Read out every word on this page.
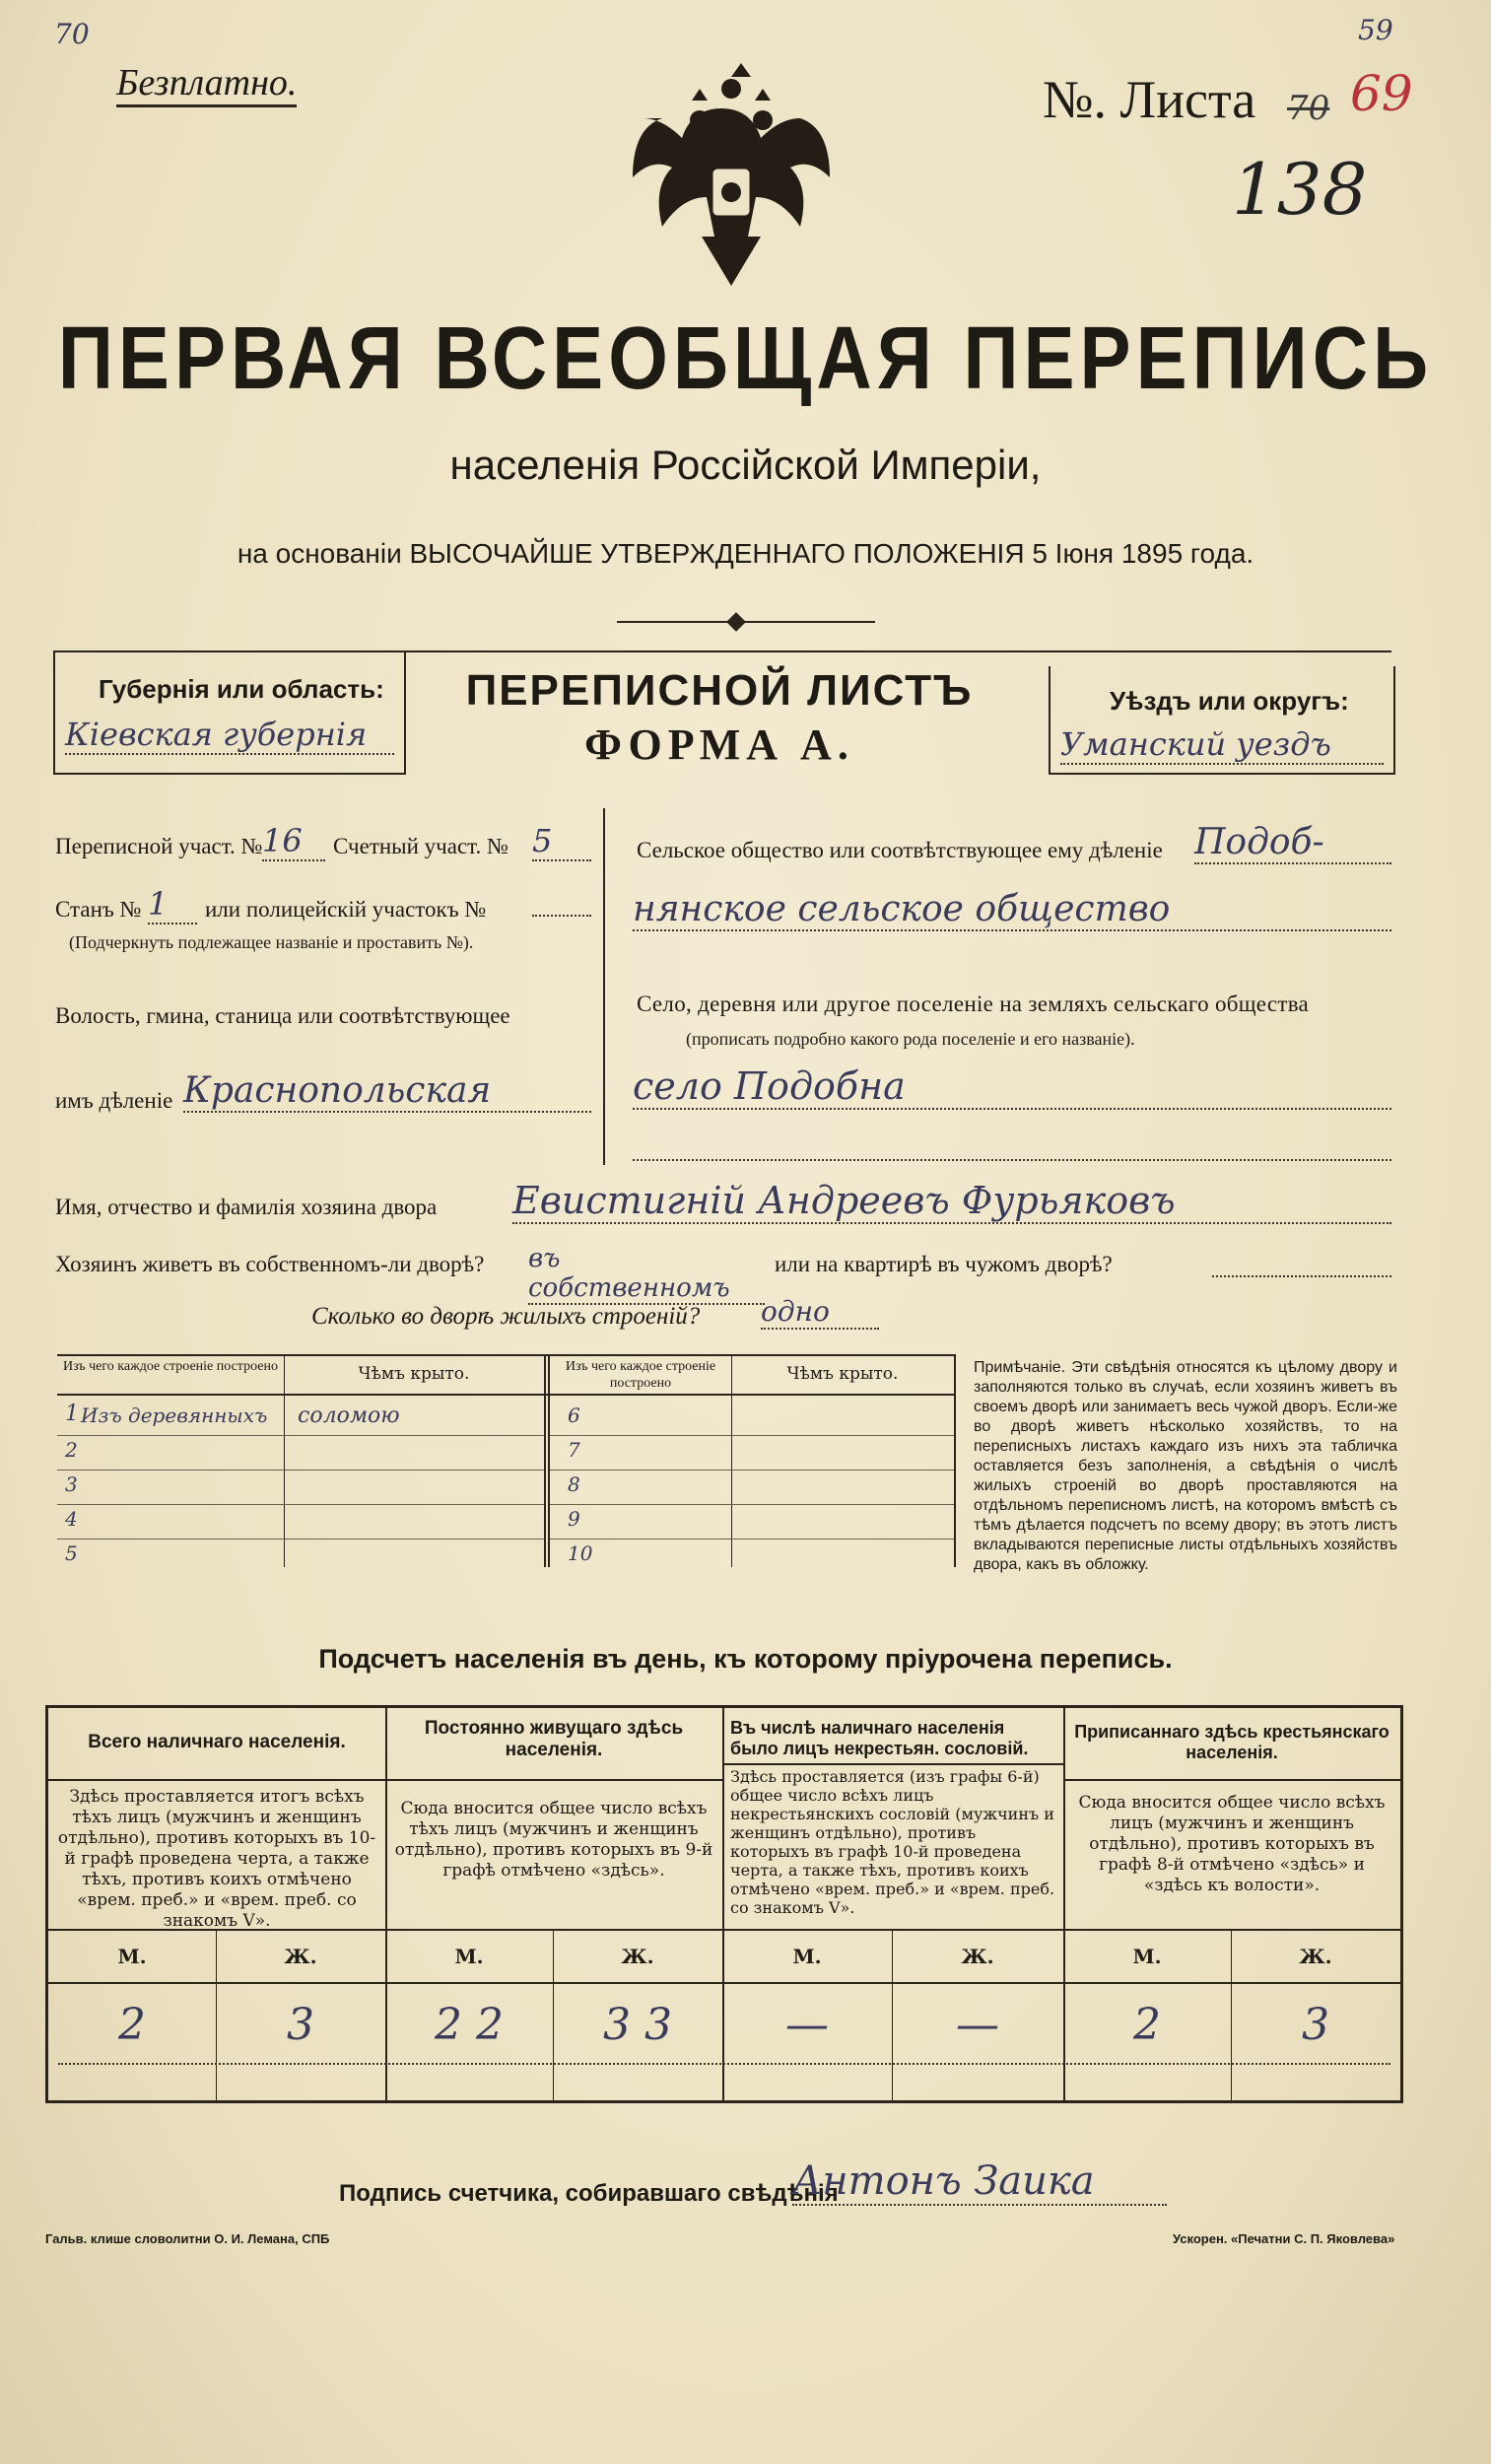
70	59
Безплатно.	№. Листа 70 69
138
ПЕРВАЯ ВСЕОБЩАЯ ПЕРЕПИСЬ
населенія Россійской Имперіи,
на основаніи ВЫСОЧАЙШЕ УТВЕРЖДЕННАГО ПОЛОЖЕНІЯ 5 Іюня 1895 года.
Губернія или область:
Кiевская губернiя
ПЕРЕПИСНОЙ ЛИСТЪ
ФОРМА А.
Уѣздъ или округъ:
Уманский уездъ
Переписной участ. № 16	Счетный участ. № 5
Станъ № 1	или полицейскій участокъ №
(Подчеркнуть подлежащее названіе и проставить №).
Волость, гмина, станица или соотвѣтствующее
имъ дѣленіе Краснопольская
Сельское общество или соотвѣтствующее ему дѣленіе Подоб-
нянское сельское общество
Село, деревня или другое поселеніе на земляхъ сельскаго общества
(прописать подробно какого рода поселеніе и его названіе).
село Подобна
Имя, отчество и фамилія хозяина двора Евистигнiй Андреевъ Фурьяковъ
Хозяинъ живетъ въ собственномъ-ли дворѣ? въ собственномъ
или на квартирѣ въ чужомъ дворѣ?
Сколько во дворѣ жилыхъ строеній? одно
Изъ чего каждое строеніе построено	Чѣмъ крыто.	Изъ чего каждое строеніе построено	Чѣмъ крыто.
1 Изъ деревянныхъ соломою
2
3
4
5
6
7
8
9
10
Примѣчаніе. Эти свѣдѣнія относятся къ цѣлому двору и заполняются только въ случаѣ, если хозяинъ живетъ въ своемъ дворѣ или занимаетъ весь чужой дворъ. Если-же во дворѣ живетъ нѣсколько хозяйствъ, то на переписныхъ листахъ каждаго изъ нихъ эта табличка оставляется безъ заполненія, а свѣдѣнія о числѣ жилыхъ строеній во дворѣ проставляются на отдѣльномъ переписномъ листѣ, на которомъ вмѣстѣ съ тѣмъ дѣлается подсчетъ по всему двору; въ этотъ листъ вкладываются переписные листы отдѣльныхъ хозяйствъ двора, какъ въ обложку.
Подсчетъ населенія въ день, къ которому пріурочена перепись.
Всего наличнаго населенія.
Здѣсь проставляется итогъ всѣхъ тѣхъ лицъ (мужчинъ и женщинъ отдѣльно), противъ которыхъ въ 10-й графѣ проведена черта, а также тѣхъ, противъ коихъ отмѣчено «врем. преб.» и «врем. преб. со знакомъ V».
Постоянно живущаго здѣсь населенія.
Сюда вносится общее число всѣхъ тѣхъ лицъ (мужчинъ и женщинъ отдѣльно), противъ которыхъ въ 9-й графѣ отмѣчено «здѣсь».
Въ числѣ наличнаго населенія было лицъ некрестьян. сословій.
Здѣсь проставляется (изъ графы 6-й) общее число всѣхъ лицъ некрестьянскихъ сословій (мужчинъ и женщинъ отдѣльно), противъ которыхъ въ графѣ 10-й проведена черта, а также тѣхъ, противъ коихъ отмѣчено «врем. преб.» и «врем. преб. со знакомъ V».
Приписаннаго здѣсь крестьянскаго населенія.
Сюда вносится общее число всѣхъ лицъ (мужчинъ и женщинъ отдѣльно), противъ которыхъ въ графѣ 8-й отмѣчено «здѣсь» и «здѣсь къ волости».
М.	Ж.	М.	Ж.	М.	Ж.	М.	Ж.
2	3	2 2	3 3	—	—	2	3
Подпись счетчика, собиравшаго свѣдѣнія
Антонъ Заика
Гальв. клише словолитни О. И. Лемана, СПБ	Ускорен. «Печатни С. П. Яковлева»
